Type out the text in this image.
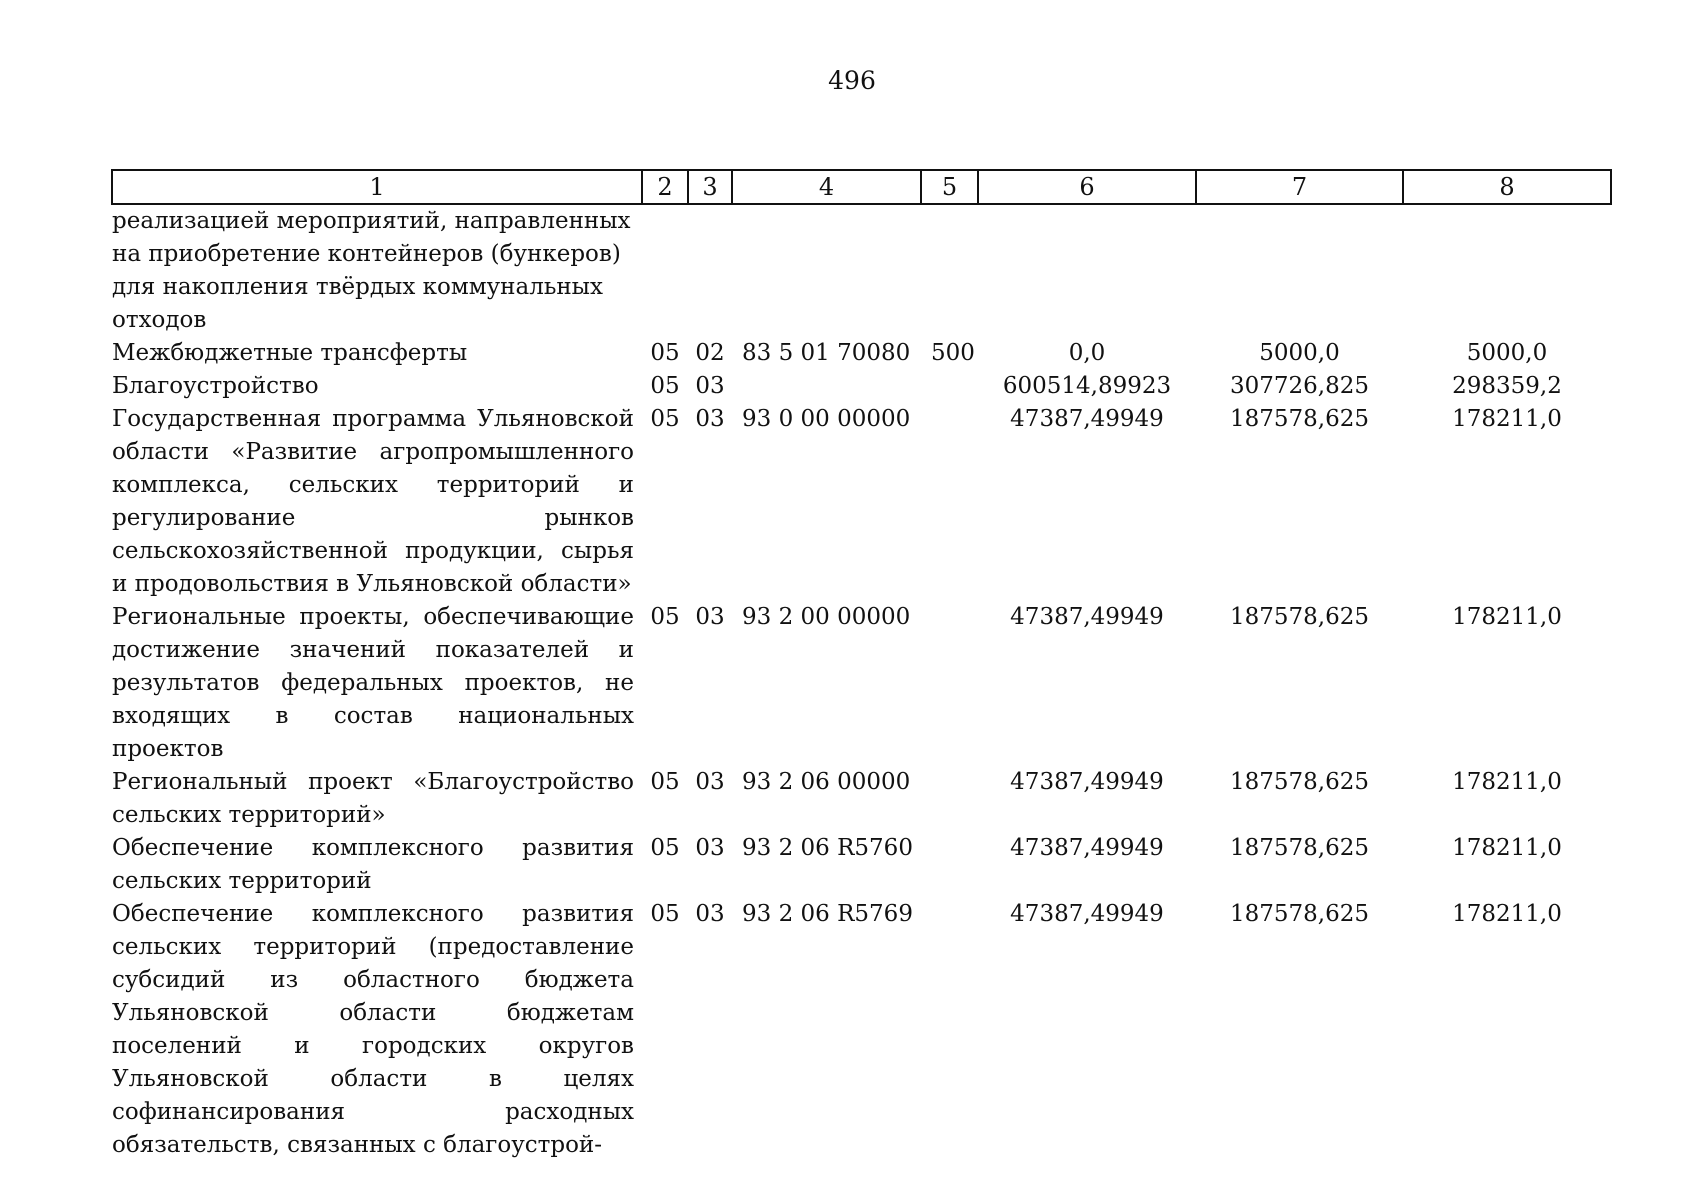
496
1	2	3	4	5	6	7	8
реализацией мероприятий, направленных на приобретение контейнеров (бункеров) для накопления твёрдых коммунальных отходов							
Межбюджетные трансферты	05	02	83 5 01 70080	500	0,0	5000,0	5000,0
Благоустройство	05	03			600514,89923	307726,825	298359,2
Государственная программа Ульяновской области «Развитие агропромышленного комплекса, сельских территорий и регулирование рынков сельскохозяйственной продукции, сырья и продовольствия в Ульяновской области»	05	03	93 0 00 00000		47387,49949	187578,625	178211,0
Региональные проекты, обеспечивающие достижение значений показателей и результатов федеральных проектов, не входящих в состав национальных проектов	05	03	93 2 00 00000		47387,49949	187578,625	178211,0
Региональный проект «Благоустройство сельских территорий»	05	03	93 2 06 00000		47387,49949	187578,625	178211,0
Обеспечение комплексного развития сельских территорий	05	03	93 2 06 R5760		47387,49949	187578,625	178211,0
Обеспечение комплексного развития сельских территорий (предоставление субсидий из областного бюджета Ульяновской области бюджетам поселений и городских округов Ульяновской области в целях софинансирования расходных обязательств, связанных с благоустрой-	05	03	93 2 06 R5769		47387,49949	187578,625	178211,0
